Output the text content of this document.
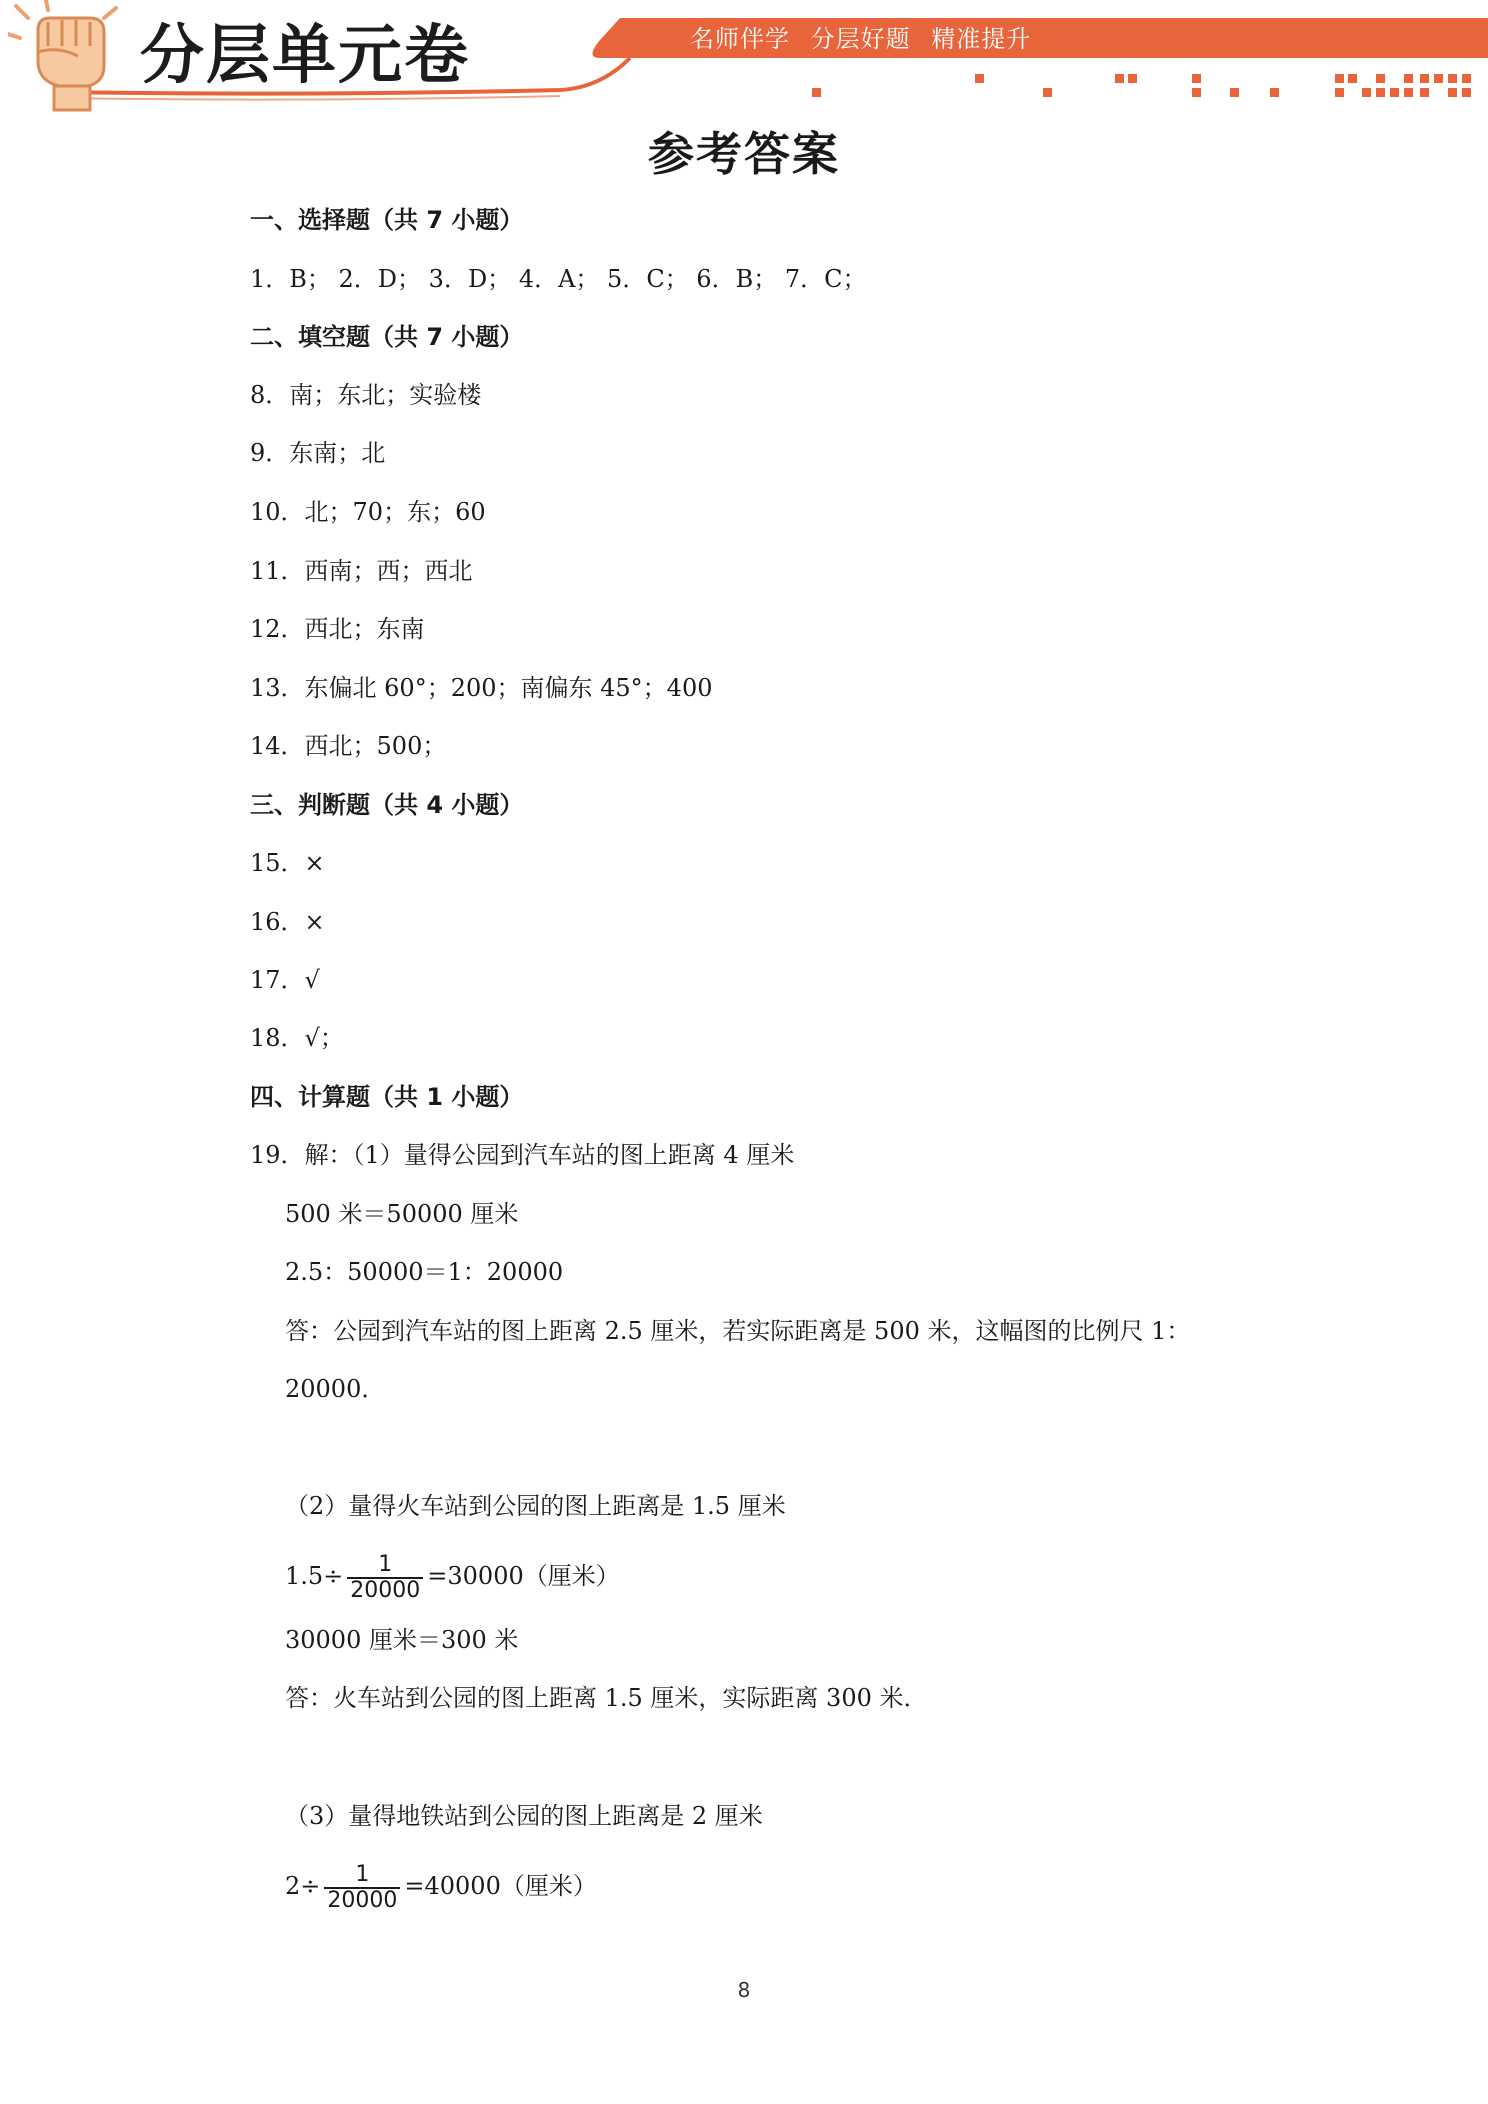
分层单元卷	名师伴学 分层好题 精准提升
参考答案
一、选择题（共 7 小题）
1．B； 2．D； 3．D； 4．A； 5．C； 6．B； 7．C；
二、填空题（共 7 小题）
8．南；东北；实验楼
9．东南；北
10．北；70；东；60
11．西南；西；西北
12．西北；东南
13．东偏北 60°；200；南偏东 45°；400
14．西北；500；
三、判断题（共 4 小题）
15．×
16．×
17．√
18．√；
四、计算题（共 1 小题）
19．解：（1）量得公园到汽车站的图上距离 4 厘米
500 米＝50000 厘米
2.5：50000＝1：20000
答：公园到汽车站的图上距离 2.5 厘米，若实际距离是 500 米，这幅图的比例尺 1：
20000．
（2）量得火车站到公园的图上距离是 1.5 厘米
$1.5\div \frac{1}{20000} =30000$（厘米）
30000 厘米＝300 米
答：火车站到公园的图上距离 1.5 厘米，实际距离 300 米．
（3）量得地铁站到公园的图上距离是 2 厘米
$2\div \frac{1}{20000} =40000$（厘米）
8
